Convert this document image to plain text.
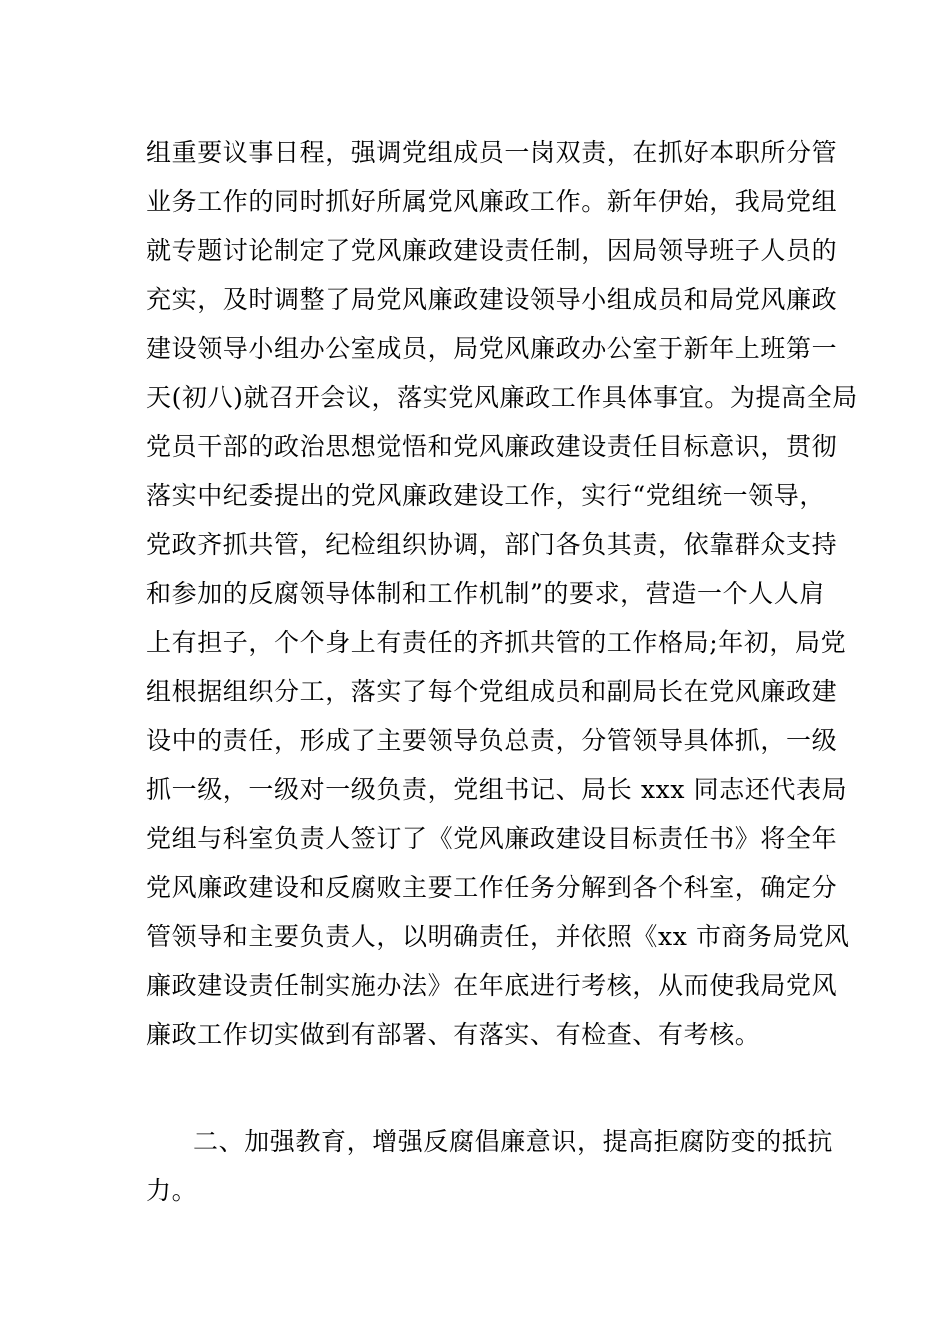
组重要议事日程，强调党组成员一岗双责，在抓好本职所分管
业务工作的同时抓好所属党风廉政工作。新年伊始，我局党组
就专题讨论制定了党风廉政建设责任制，因局领导班子人员的
充实，及时调整了局党风廉政建设领导小组成员和局党风廉政
建设领导小组办公室成员，局党风廉政办公室于新年上班第一
天(初八)就召开会议，落实党风廉政工作具体事宜。为提高全局
党员干部的政治思想觉悟和党风廉政建设责任目标意识，贯彻
落实中纪委提出的党风廉政建设工作，实行“党组统一领导，
党政齐抓共管，纪检组织协调，部门各负其责，依靠群众支持
和参加的反腐领导体制和工作机制”的要求，营造一个人人肩
上有担子，个个身上有责任的齐抓共管的工作格局;年初，局党
组根据组织分工，落实了每个党组成员和副局长在党风廉政建
设中的责任，形成了主要领导负总责，分管领导具体抓，一级
抓一级，一级对一级负责，党组书记、局长 xxx 同志还代表局
党组与科室负责人签订了《党风廉政建设目标责任书》将全年
党风廉政建设和反腐败主要工作任务分解到各个科室，确定分
管领导和主要负责人，以明确责任，并依照《xx 市商务局党风
廉政建设责任制实施办法》在年底进行考核，从而使我局党风
廉政工作切实做到有部署、有落实、有检查、有考核。
二、加强教育，增强反腐倡廉意识，提高拒腐防变的抵抗
力。
